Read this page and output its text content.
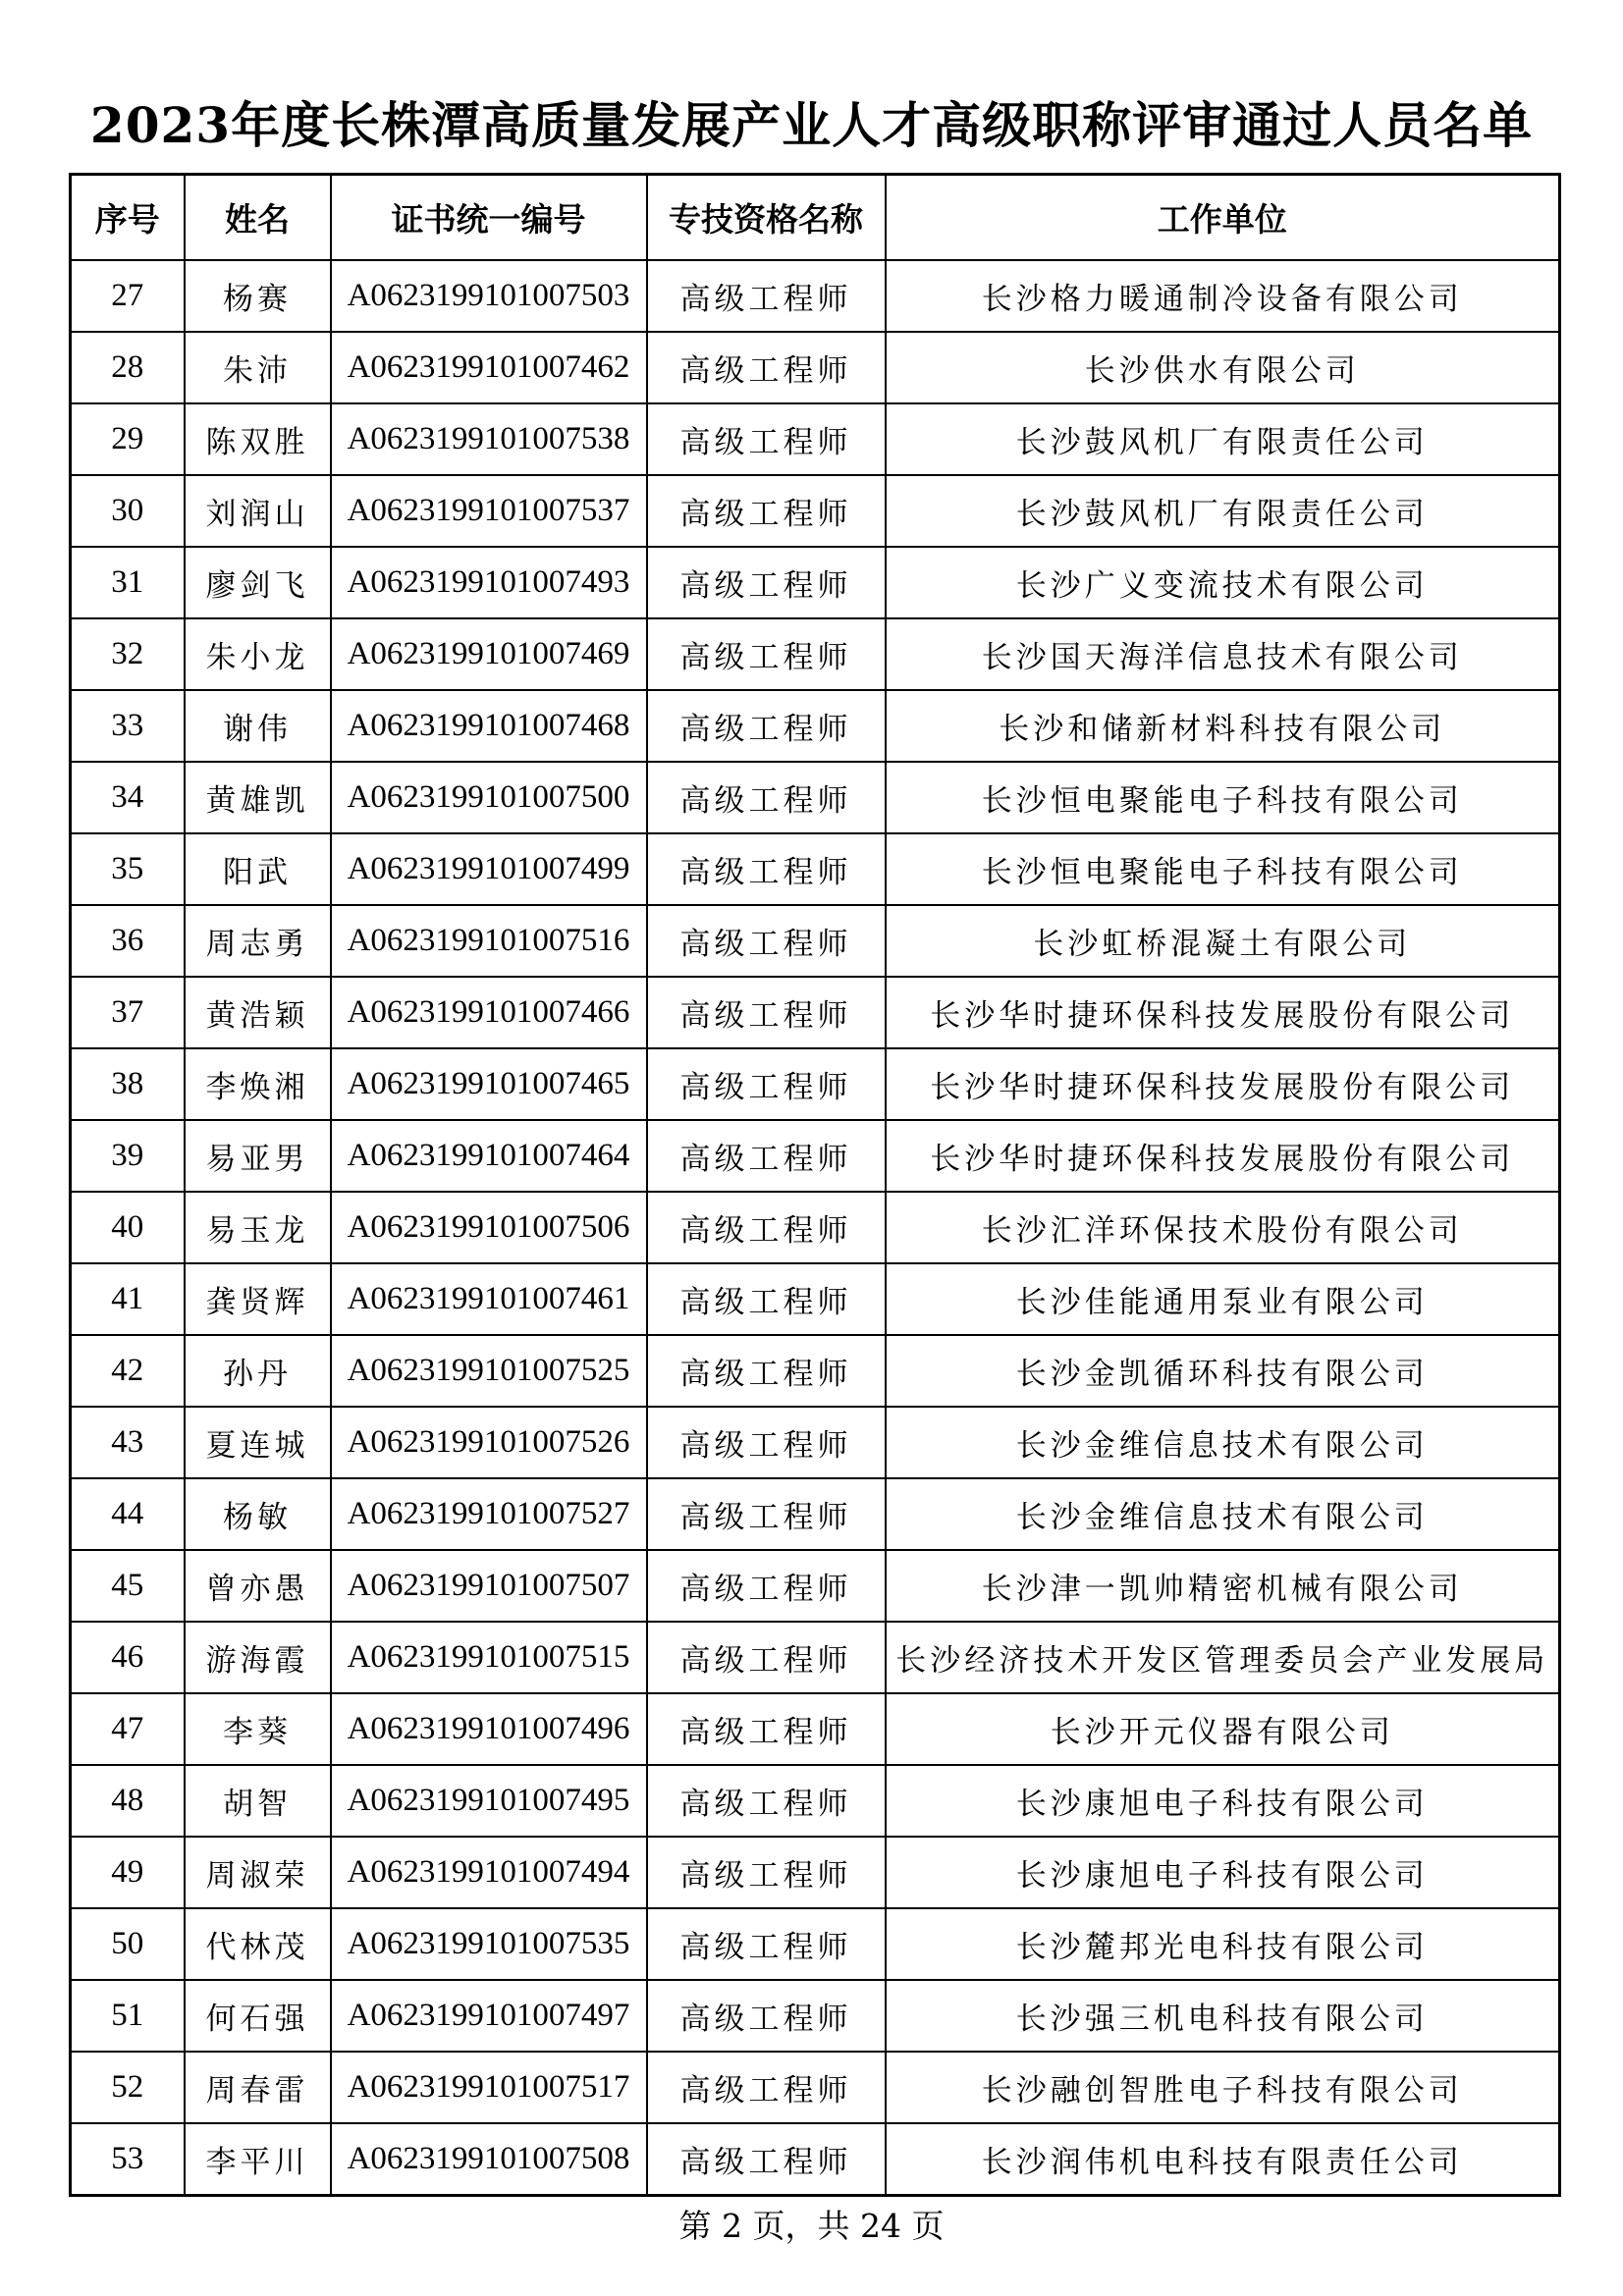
2023年度长株潭高质量发展产业人才高级职称评审通过人员名单
序号	姓名	证书统一编号	专技资格名称	工作单位
27	杨赛	A0623199101007503	高级工程师	长沙格力暖通制冷设备有限公司
28	朱沛	A0623199101007462	高级工程师	长沙供水有限公司
29	陈双胜	A0623199101007538	高级工程师	长沙鼓风机厂有限责任公司
30	刘润山	A0623199101007537	高级工程师	长沙鼓风机厂有限责任公司
31	廖剑飞	A0623199101007493	高级工程师	长沙广义变流技术有限公司
32	朱小龙	A0623199101007469	高级工程师	长沙国天海洋信息技术有限公司
33	谢伟	A0623199101007468	高级工程师	长沙和储新材料科技有限公司
34	黄雄凯	A0623199101007500	高级工程师	长沙恒电聚能电子科技有限公司
35	阳武	A0623199101007499	高级工程师	长沙恒电聚能电子科技有限公司
36	周志勇	A0623199101007516	高级工程师	长沙虹桥混凝土有限公司
37	黄浩颖	A0623199101007466	高级工程师	长沙华时捷环保科技发展股份有限公司
38	李焕湘	A0623199101007465	高级工程师	长沙华时捷环保科技发展股份有限公司
39	易亚男	A0623199101007464	高级工程师	长沙华时捷环保科技发展股份有限公司
40	易玉龙	A0623199101007506	高级工程师	长沙汇洋环保技术股份有限公司
41	龚贤辉	A0623199101007461	高级工程师	长沙佳能通用泵业有限公司
42	孙丹	A0623199101007525	高级工程师	长沙金凯循环科技有限公司
43	夏连城	A0623199101007526	高级工程师	长沙金维信息技术有限公司
44	杨敏	A0623199101007527	高级工程师	长沙金维信息技术有限公司
45	曾亦愚	A0623199101007507	高级工程师	长沙津一凯帅精密机械有限公司
46	游海霞	A0623199101007515	高级工程师	长沙经济技术开发区管理委员会产业发展局
47	李葵	A0623199101007496	高级工程师	长沙开元仪器有限公司
48	胡智	A0623199101007495	高级工程师	长沙康旭电子科技有限公司
49	周淑荣	A0623199101007494	高级工程师	长沙康旭电子科技有限公司
50	代林茂	A0623199101007535	高级工程师	长沙麓邦光电科技有限公司
51	何石强	A0623199101007497	高级工程师	长沙强三机电科技有限公司
52	周春雷	A0623199101007517	高级工程师	长沙融创智胜电子科技有限公司
53	李平川	A0623199101007508	高级工程师	长沙润伟机电科技有限责任公司
第 2 页，共 24 页
